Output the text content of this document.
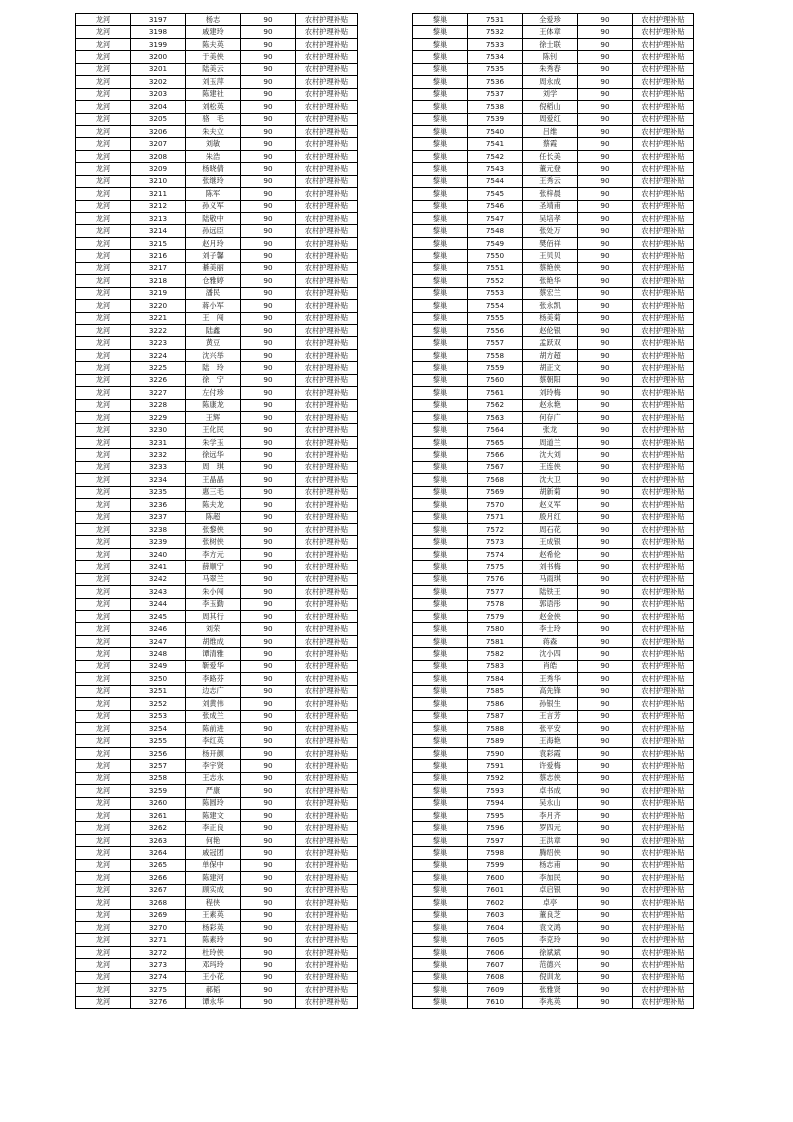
龙河	3197	杨志	90	农村护理补贴
龙河	3198	戚建玲	90	农村护理补贴
龙河	3199	陈夫英	90	农村护理补贴
龙河	3200	于美侠	90	农村护理补贴
龙河	3201	陆美云	90	农村护理补贴
龙河	3202	刘玉萍	90	农村护理补贴
龙河	3203	陈建社	90	农村护理补贴
龙河	3204	刘松英	90	农村护理补贴
龙河	3205	骆　毛	90	农村护理补贴
龙河	3206	朱夫立	90	农村护理补贴
龙河	3207	刘敏	90	农村护理补贴
龙河	3208	朱浩	90	农村护理补贴
龙河	3209	杨晓倩	90	农村护理补贴
龙河	3210	张继玲	90	农村护理补贴
龙河	3211	陈军	90	农村护理补贴
龙河	3212	孙义军	90	农村护理补贴
龙河	3213	陆敬中	90	农村护理补贴
龙河	3214	孙远臣	90	农村护理补贴
龙河	3215	赵月玲	90	农村护理补贴
龙河	3216	刘子馨	90	农村护理补贴
龙河	3217	綦美丽	90	农村护理补贴
龙河	3218	仓雅婷	90	农村护理补贴
龙河	3219	潘民	90	农村护理补贴
龙河	3220	蒋小军	90	农村护理补贴
龙河	3221	王　闯	90	农村护理补贴
龙河	3222	陆鑫	90	农村护理补贴
龙河	3223	黄豆	90	农村护理补贴
龙河	3224	沈兴举	90	农村护理补贴
龙河	3225	陆　玲	90	农村护理补贴
龙河	3226	徐　宁	90	农村护理补贴
龙河	3227	左付珍	90	农村护理补贴
龙河	3228	陈康龙	90	农村护理补贴
龙河	3229	王辉	90	农村护理补贴
龙河	3230	王化民	90	农村护理补贴
龙河	3231	朱学玉	90	农村护理补贴
龙河	3232	徐远华	90	农村护理补贴
龙河	3233	周　琪	90	农村护理补贴
龙河	3234	王晶晶	90	农村护理补贴
龙河	3235	惠三毛	90	农村护理补贴
龙河	3236	陈夫龙	90	农村护理补贴
龙河	3237	陈超	90	农村护理补贴
龙河	3238	张黎侠	90	农村护理补贴
龙河	3239	张树侠	90	农村护理补贴
龙河	3240	李方元	90	农村护理补贴
龙河	3241	薛顺宁	90	农村护理补贴
龙河	3242	马翠兰	90	农村护理补贴
龙河	3243	朱小闯	90	农村护理补贴
龙河	3244	李玉勤	90	农村护理补贴
龙河	3245	周其行	90	农村护理补贴
龙河	3246	刘荣	90	农村护理补贴
龙河	3247	胡维成	90	农村护理补贴
龙河	3248	谭清雅	90	农村护理补贴
龙河	3249	靳爱华	90	农村护理补贴
龙河	3250	李路芬	90	农村护理补贴
龙河	3251	边志广	90	农村护理补贴
龙河	3252	刘黄伟	90	农村护理补贴
龙河	3253	张成兰	90	农村护理补贴
龙河	3254	陈前进	90	农村护理补贴
龙河	3255	李红英	90	农村护理补贴
龙河	3256	杨开颜	90	农村护理补贴
龙河	3257	李宇贤	90	农村护理补贴
龙河	3258	王志永	90	农村护理补贴
龙河	3259	严康	90	农村护理补贴
龙河	3260	陈圆玲	90	农村护理补贴
龙河	3261	陈建文	90	农村护理补贴
龙河	3262	李正良	90	农村护理补贴
龙河	3263	何艳	90	农村护理补贴
龙河	3264	戚冠团	90	农村护理补贴
龙河	3265	单保中	90	农村护理补贴
龙河	3266	陈建河	90	农村护理补贴
龙河	3267	顾实成	90	农村护理补贴
龙河	3268	程侠	90	农村护理补贴
龙河	3269	王素英	90	农村护理补贴
龙河	3270	杨彩英	90	农村护理补贴
龙河	3271	陈素玲	90	农村护理补贴
龙河	3272	杜玲侠	90	农村护理补贴
龙河	3273	邓玛玲	90	农村护理补贴
龙河	3274	王小花	90	农村护理补贴
龙河	3275	郝韬	90	农村护理补贴
龙河	3276	谭永华	90	农村护理补贴
黎巢	7531	全爱珍	90	农村护理补贴
黎巢	7532	王体章	90	农村护理补贴
黎巢	7533	徐士联	90	农村护理补贴
黎巢	7534	陈钊	90	农村护理补贴
黎巢	7535	朱秀春	90	农村护理补贴
黎巢	7536	周永成	90	农村护理补贴
黎巢	7537	刘学	90	农村护理补贴
黎巢	7538	倪稻山	90	农村护理补贴
黎巢	7539	周爱红	90	农村护理补贴
黎巢	7540	吕维	90	农村护理补贴
黎巢	7541	蔡霞	90	农村护理补贴
黎巢	7542	任长美	90	农村护理补贴
黎巢	7543	董元登	90	农村护理补贴
黎巢	7544	王秀云	90	农村护理补贴
黎巢	7545	张梓晨	90	农村护理补贴
黎巢	7546	圣靖甫	90	农村护理补贴
黎巢	7547	吴培孝	90	农村护理补贴
黎巢	7548	张处万	90	农村护理补贴
黎巢	7549	樊佰祥	90	农村护理补贴
黎巢	7550	王贝贝	90	农村护理补贴
黎巢	7551	蔡艳侠	90	农村护理补贴
黎巢	7552	张艳华	90	农村护理补贴
黎巢	7553	蔡宏兰	90	农村护理补贴
黎巢	7554	张永凯	90	农村护理补贴
黎巢	7555	杨美菊	90	农村护理补贴
黎巢	7556	赵伦银	90	农村护理补贴
黎巢	7557	孟跃双	90	农村护理补贴
黎巢	7558	胡方超	90	农村护理补贴
黎巢	7559	胡正文	90	农村护理补贴
黎巢	7560	蔡朝阳	90	农村护理补贴
黎巢	7561	刘玲梅	90	农村护理补贴
黎巢	7562	赵永艳	90	农村护理补贴
黎巢	7563	何存广	90	农村护理补贴
黎巢	7564	张龙	90	农村护理补贴
黎巢	7565	周道兰	90	农村护理补贴
黎巢	7566	沈大刘	90	农村护理补贴
黎巢	7567	王连侠	90	农村护理补贴
黎巢	7568	沈大卫	90	农村护理补贴
黎巢	7569	胡新菊	90	农村护理补贴
黎巢	7570	赵义军	90	农村护理补贴
黎巢	7571	殷月红	90	农村护理补贴
黎巢	7572	周石花	90	农村护理补贴
黎巢	7573	王成银	90	农村护理补贴
黎巢	7574	赵希伦	90	农村护理补贴
黎巢	7575	刘书梅	90	农村护理补贴
黎巢	7576	马雨琪	90	农村护理补贴
黎巢	7577	陆铁王	90	农村护理补贴
黎巢	7578	郭语彤	90	农村护理补贴
黎巢	7579	赵金侠	90	农村护理补贴
黎巢	7580	李士玲	90	农村护理补贴
黎巢	7581	蒋森	90	农村护理补贴
黎巢	7582	沈小四	90	农村护理补贴
黎巢	7583	肖皓	90	农村护理补贴
黎巢	7584	王秀华	90	农村护理补贴
黎巢	7585	高先锋	90	农村护理补贴
黎巢	7586	孙银生	90	农村护理补贴
黎巢	7587	王言芳	90	农村护理补贴
黎巢	7588	张平安	90	农村护理补贴
黎巢	7589	王海艳	90	农村护理补贴
黎巢	7590	袁彩霞	90	农村护理补贴
黎巢	7591	许爱梅	90	农村护理补贴
黎巢	7592	蔡志侠	90	农村护理补贴
黎巢	7593	卓书成	90	农村护理补贴
黎巢	7594	吴永山	90	农村护理补贴
黎巢	7595	李月齐	90	农村护理补贴
黎巢	7596	罗四元	90	农村护理补贴
黎巢	7597	王洪章	90	农村护理补贴
黎巢	7598	腾绍侠	90	农村护理补贴
黎巢	7599	杨志甫	90	农村护理补贴
黎巢	7600	李加民	90	农村护理补贴
黎巢	7601	卓启银	90	农村护理补贴
黎巢	7602	卓亭	90	农村护理补贴
黎巢	7603	董良芝	90	农村护理补贴
黎巢	7604	袁文鸿	90	农村护理补贴
黎巢	7605	李克玲	90	农村护理补贴
黎巢	7606	徐斌斌	90	农村护理补贴
黎巢	7607	范德兴	90	农村护理补贴
黎巢	7608	倪训龙	90	农村护理补贴
黎巢	7609	张雅贤	90	农村护理补贴
黎巢	7610	李兆英	90	农村护理补贴
